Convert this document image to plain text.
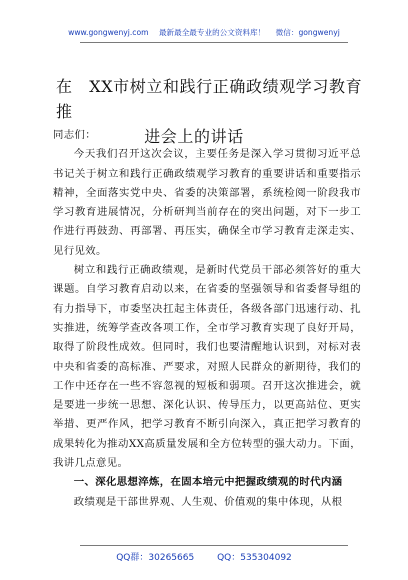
www.gongwenyj.com 最新最全最专业的公文资料库！ 微信：gongwenyj
在　XX市树立和践行正确政绩观学习教育推
进会上的讲话

同志们：

今天我们召开这次会议，主要任务是深入学习贯彻习近平总书记关于树立和践行正确政绩观学习教育的重要讲话和重要指示精神，全面落实党中央、省委的决策部署，系统检阅一阶段我市学习教育进展情况，分析研判当前存在的突出问题，对下一步工作进行再鼓劲、再部署、再压实，确保全市学习教育走深走实、见行见效。

树立和践行正确政绩观，是新时代党员干部必须答好的重大课题。自学习教育启动以来，在省委的坚强领导和省委督导组的有力指导下，市委坚决扛起主体责任，各级各部门迅速行动、扎实推进，统筹学查改各项工作，全市学习教育实现了良好开局，取得了阶段性成效。但同时，我们也要清醒地认识到，对标对表中央和省委的高标准、严要求，对照人民群众的新期待，我们的工作中还存在一些不容忽视的短板和弱项。召开这次推进会，就是要进一步统一思想、深化认识、传导压力，以更高站位、更实举措、更严作风，把学习教育不断引向深入，真正把学习教育的成果转化为推动XX高质量发展和全方位转型的强大动力。下面，我讲几点意见。

一、深化思想淬炼，在固本培元中把握政绩观的时代内涵

政绩观是干部世界观、人生观、价值观的集中体现，从根

QQ群：30265665	QQ：535304092
